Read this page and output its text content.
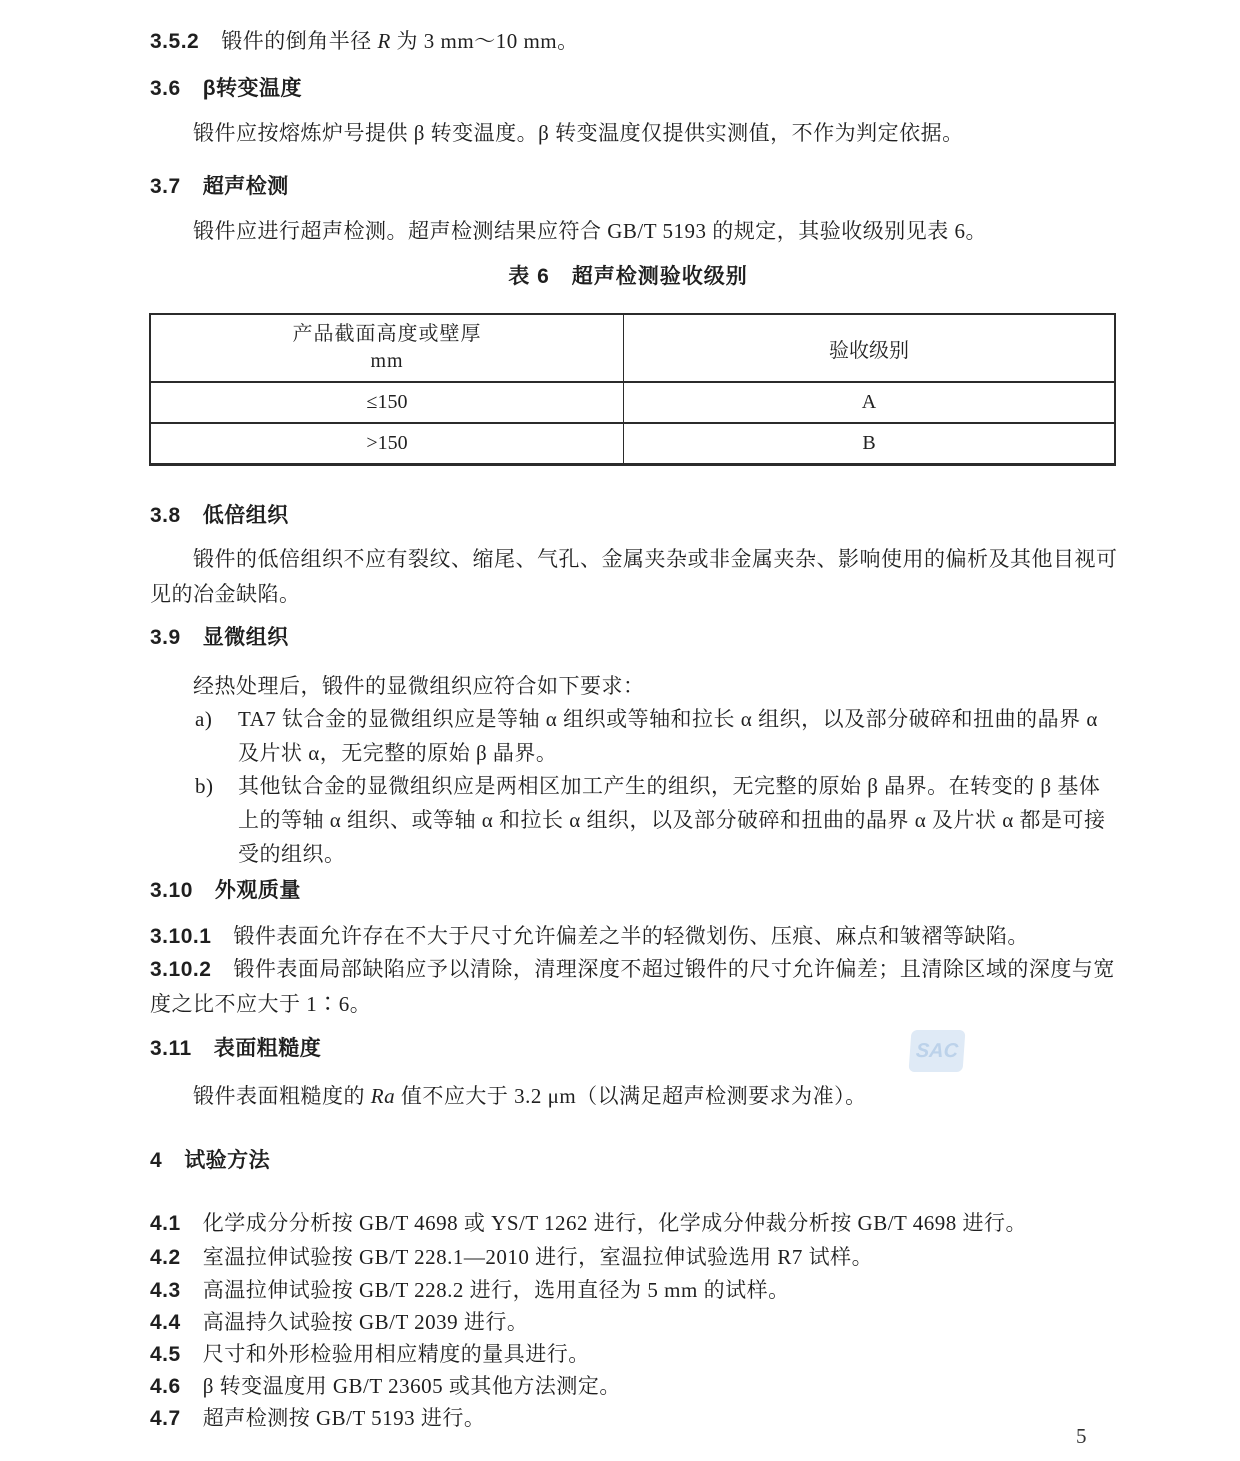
3.5.2 锻件的倒角半径 R 为 3 mm～10 mm。
3.6 β转变温度
锻件应按熔炼炉号提供 β 转变温度。β 转变温度仅提供实测值，不作为判定依据。
3.7 超声检测
锻件应进行超声检测。超声检测结果应符合 GB/T 5193 的规定，其验收级别见表 6。
表 6　超声检测验收级别
产品截面高度或壁厚
mm	验收级别
≤150	A
>150	B
3.8 低倍组织
锻件的低倍组织不应有裂纹、缩尾、气孔、金属夹杂或非金属夹杂、影响使用的偏析及其他目视可见的冶金缺陷。
3.9 显微组织
经热处理后，锻件的显微组织应符合如下要求：
a)	TA7 钛合金的显微组织应是等轴 α 组织或等轴和拉长 α 组织，以及部分破碎和扭曲的晶界 α 及片状 α，无完整的原始 β 晶界。
b)	其他钛合金的显微组织应是两相区加工产生的组织，无完整的原始 β 晶界。在转变的 β 基体上的等轴 α 组织、或等轴 α 和拉长 α 组织，以及部分破碎和扭曲的晶界 α 及片状 α 都是可接受的组织。
3.10 外观质量
3.10.1 锻件表面允许存在不大于尺寸允许偏差之半的轻微划伤、压痕、麻点和皱褶等缺陷。
3.10.2 锻件表面局部缺陷应予以清除，清理深度不超过锻件的尺寸允许偏差；且清除区域的深度与宽度之比不应大于 1∶6。
3.11 表面粗糙度
锻件表面粗糙度的 Ra 值不应大于 3.2 μm（以满足超声检测要求为准）。
4 试验方法
4.1 化学成分分析按 GB/T 4698 或 YS/T 1262 进行，化学成分仲裁分析按 GB/T 4698 进行。
4.2 室温拉伸试验按 GB/T 228.1—2010 进行，室温拉伸试验选用 R7 试样。
4.3 高温拉伸试验按 GB/T 228.2 进行，选用直径为 5 mm 的试样。
4.4 高温持久试验按 GB/T 2039 进行。
4.5 尺寸和外形检验用相应精度的量具进行。
4.6 β 转变温度用 GB/T 23605 或其他方法测定。
4.7 超声检测按 GB/T 5193 进行。
SAC
5
